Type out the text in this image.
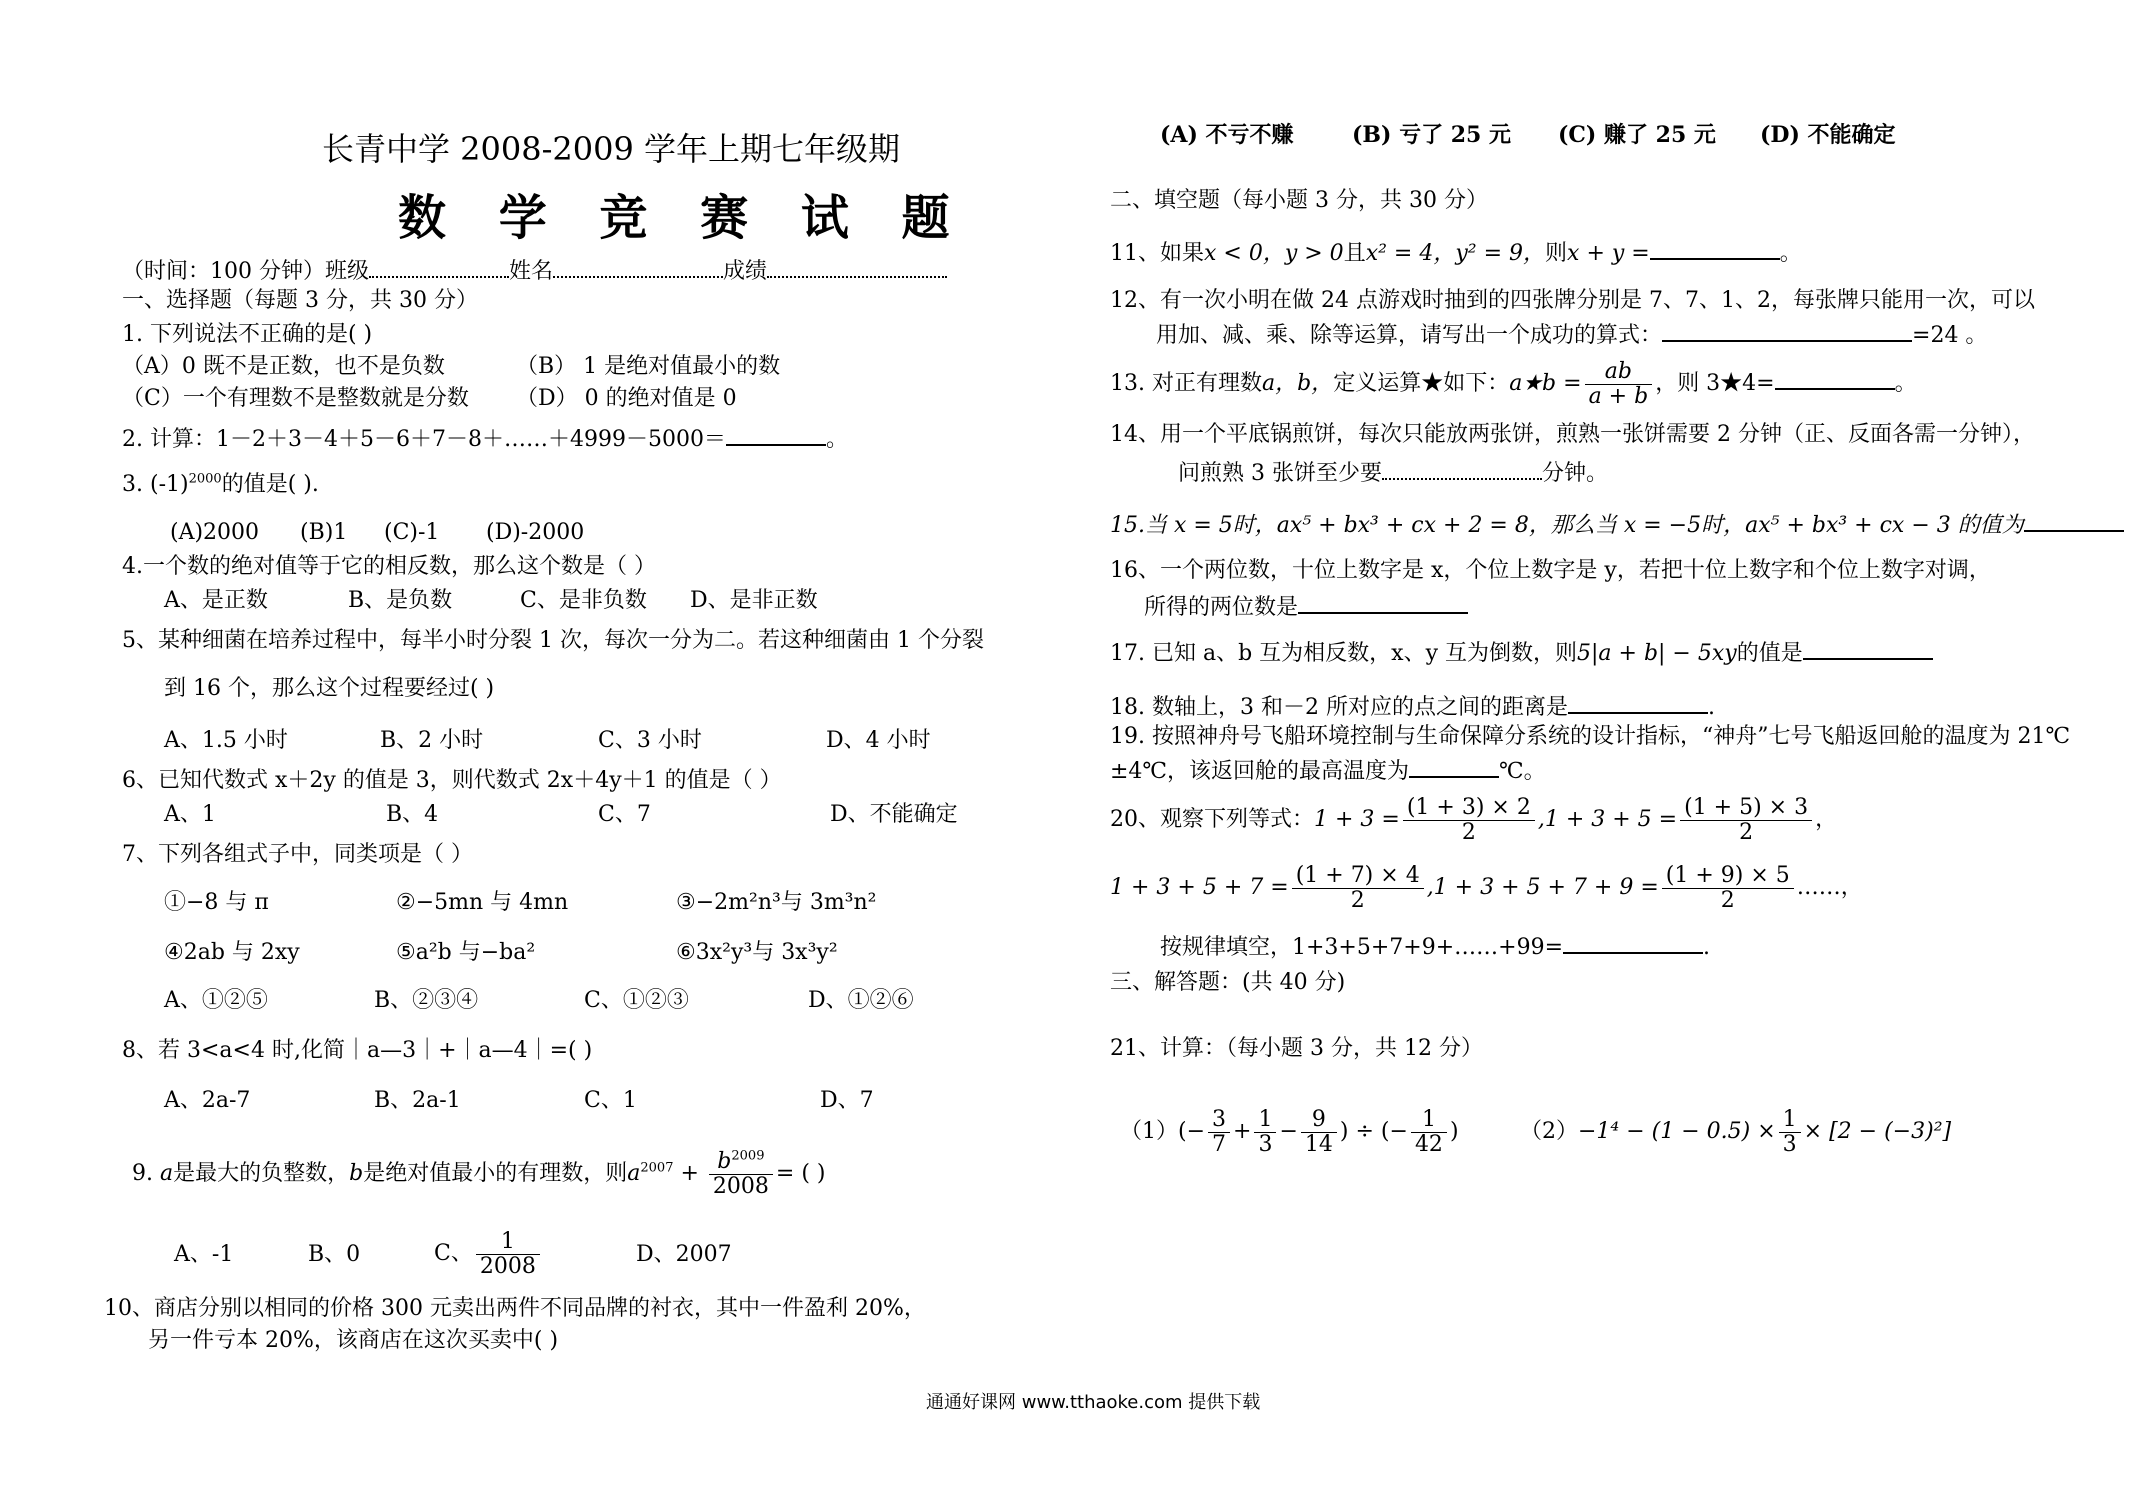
长青中学 2008-2009 学年上期七年级期
数 学 竞 赛 试 题
（时间：100 分钟）班级	姓名	成绩
一、选择题（每题 3 分，共 30 分）
1. 下列说法不正确的是( )
（A）0 既不是正数，也不是负数	（B） 1 是绝对值最小的数
（C）一个有理数不是整数就是分数 （D） 0 的绝对值是 0
2. 计算：1－2＋3－4＋5－6＋7－8＋……＋4999－5000＝	。
3. $(-1)^{2000}$的值是( ).
(A)2000 (B)1 (C)-1 (D)-2000
4.一个数的绝对值等于它的相反数，那么这个数是（ ）
A、是正数	B、是负数	C、是非负数 D、是非正数
5、某种细菌在培养过程中，每半小时分裂 1 次，每次一分为二。若这种细菌由 1 个分裂
到 16 个，那么这个过程要经过( )
A、1.5 小时	B、2 小时	C、3 小时	D、4 小时
6、已知代数式 x＋2y 的值是 3，则代数式 2x＋4y＋1 的值是（ ）
A、1	B、4	C、7	D、不能确定
7、下列各组式子中，同类项是（ ）
①−8 与 π	②−5mn 与 4mn	③−2m²n³与 3m³n²
④2ab 与 2xy	⑤a²b 与−ba²	⑥3x²y³与 3x³y²
A、①②⑤	B、②③④	C、①②③	D、①②⑥
8、若 3<a<4 时,化简｜a—3｜+｜a—4｜=( )
A、2a-7	B、2a-1	C、1	D、7
9. a是最大的负整数，b是绝对值最小的有理数，则$a^{2007} + \frac{b^{2009}}{2008}$ = ( )
A、-1	B、0	C、 $\frac{1}{2008}$	D、2007
10、商店分别以相同的价格 300 元卖出两件不同品牌的衬衣，其中一件盈利 20%，
另一件亏本 20%，该商店在这次买卖中( )
(A) 不亏不赚	(B) 亏了 25 元 (C) 赚了 25 元 (D) 不能确定
二、填空题（每小题 3 分，共 30 分）
11、如果x < 0，y > 0且x² = 4，y² = 9，则x + y =	。
12、有一次小明在做 24 点游戏时抽到的四张牌分别是 7、7、1、2，每张牌只能用一次，可以
用加、减、乘、除等运算，请写出一个成功的算式：	=24 。
13. 对正有理数a，b，定义运算★如下：a★b = $\frac{ab}{a + b}$ ，则 3★4=	。
14、用一个平底锅煎饼，每次只能放两张饼，煎熟一张饼需要 2 分钟（正、反面各需一分钟），
问煎熟 3 张饼至少要	分钟。
15.当 x = 5时，ax⁵ + bx³ + cx + 2 = 8，那么当 x = −5时，ax⁵ + bx³ + cx − 3 的值为
16、一个两位数，十位上数字是 x，个位上数字是 y，若把十位上数字和个位上数字对调，
所得的两位数是
17. 已知 a、b 互为相反数，x、y 互为倒数，则5|a + b| − 5xy的值是
18. 数轴上，3 和－2 所对应的点之间的距离是	.
19. 按照神舟号飞船环境控制与生命保障分系统的设计指标，“神舟”七号飞船返回舱的温度为 21℃
±4℃，该返回舱的最高温度为	℃。
20、观察下列等式：$1 + 3 = \frac{(1 + 3) \times 2}{2} ,1 + 3 + 5 = \frac{(1 + 5) \times 3}{2}$ ，
$1 + 3 + 5 + 7 = \frac{(1 + 7) \times 4}{2} ,1 + 3 + 5 + 7 + 9 = \frac{(1 + 9) \times 5}{2}$ ……，
按规律填空，1+3+5+7+9+……+99=	.
三、解答题：(共 40 分)
21、计算：（每小题 3 分，共 12 分）
$(1)(- \frac{3}{7} + \frac{1}{3} - \frac{9}{14}$ ) ÷ (− $\frac{1}{42}$ )	$(2)-1^4 - (1 - 0.5) \times \frac{1}{3} \times [2 - (-3)^2]$
通通好课网 www.tthaoke.com 提供下载
